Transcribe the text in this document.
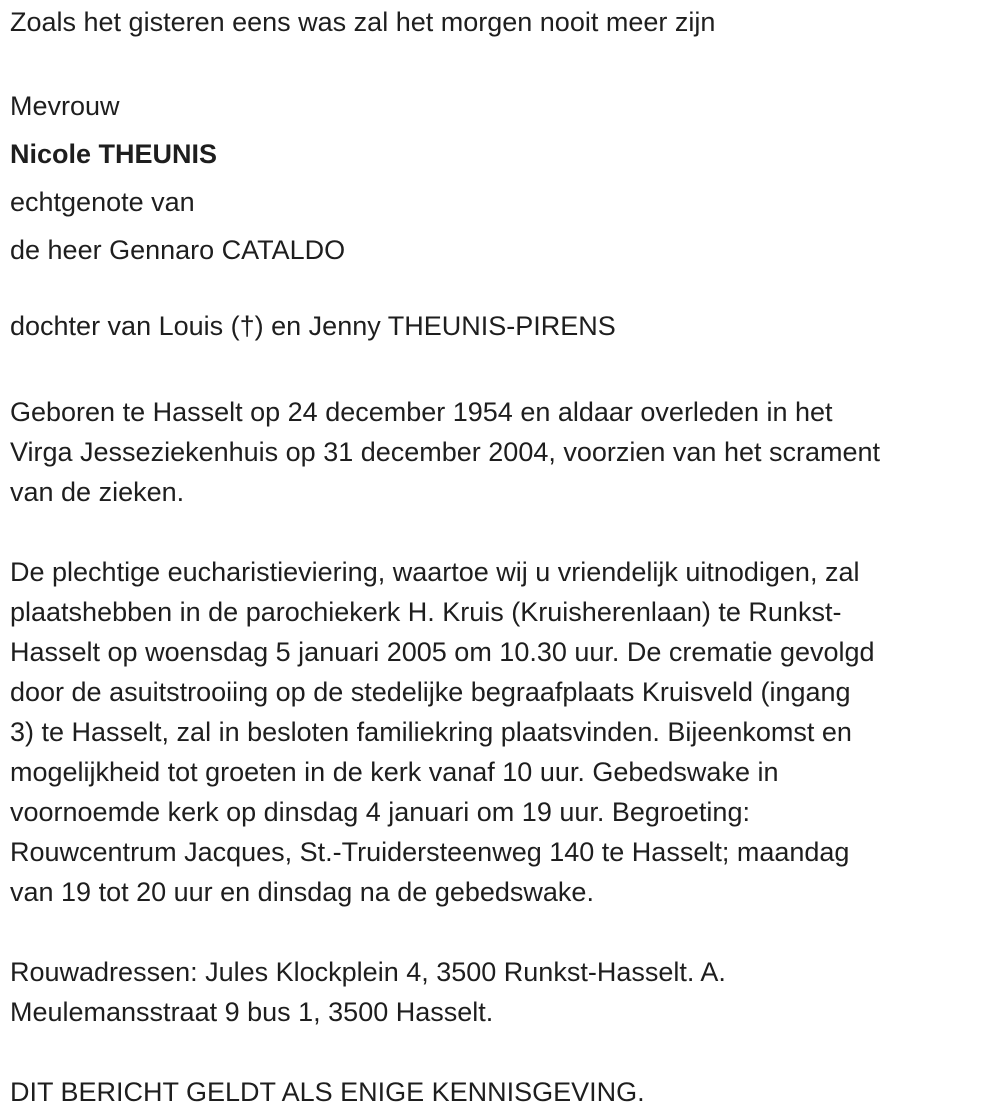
Zoals het gisteren eens was zal het morgen nooit meer zijn
Mevrouw
Nicole THEUNIS
echtgenote van
de heer Gennaro CATALDO
dochter van Louis (†) en Jenny THEUNIS-PIRENS
Geboren te Hasselt op 24 december 1954 en aldaar overleden in het
Virga Jesseziekenhuis op 31 december 2004, voorzien van het scrament
van de zieken.
De plechtige eucharistieviering, waartoe wij u vriendelijk uitnodigen, zal
plaatshebben in de parochiekerk H. Kruis (Kruisherenlaan) te Runkst-
Hasselt op woensdag 5 januari 2005 om 10.30 uur. De crematie gevolgd
door de asuitstrooiing op de stedelijke begraafplaats Kruisveld (ingang
3) te Hasselt, zal in besloten familiekring plaatsvinden. Bijeenkomst en
mogelijkheid tot groeten in de kerk vanaf 10 uur. Gebedswake in
voornoemde kerk op dinsdag 4 januari om 19 uur. Begroeting:
Rouwcentrum Jacques, St.-Truidersteenweg 140 te Hasselt; maandag
van 19 tot 20 uur en dinsdag na de gebedswake.
Rouwadressen: Jules Klockplein 4, 3500 Runkst-Hasselt. A.
Meulemansstraat 9 bus 1, 3500 Hasselt.
DIT BERICHT GELDT ALS ENIGE KENNISGEVING.
